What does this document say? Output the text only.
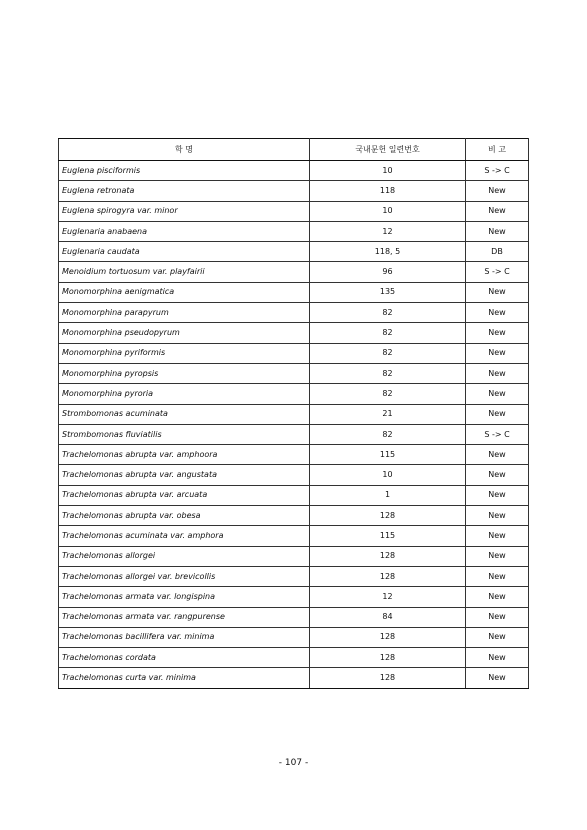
학 명	국내문헌 일련번호	비 고
Euglena pisciformis	10	S -> C
Euglena retronata	118	New
Euglena spirogyra var. minor	10	New
Euglenaria anabaena	12	New
Euglenaria caudata	118, 5	DB
Menoidium tortuosum var. playfairii	96	S -> C
Monomorphina aenigmatica	135	New
Monomorphina parapyrum	82	New
Monomorphina pseudopyrum	82	New
Monomorphina pyriformis	82	New
Monomorphina pyropsis	82	New
Monomorphina pyroria	82	New
Strombomonas acuminata	21	New
Strombomonas fluviatilis	82	S -> C
Trachelomonas abrupta var. amphoora	115	New
Trachelomonas abrupta var. angustata	10	New
Trachelomonas abrupta var. arcuata	1	New
Trachelomonas abrupta var. obesa	128	New
Trachelomonas acuminata var. amphora	115	New
Trachelomonas allorgei	128	New
Trachelomonas allorgei var. brevicollis	128	New
Trachelomonas armata var. longispina	12	New
Trachelomonas armata var. rangpurense	84	New
Trachelomonas bacillifera var. minima	128	New
Trachelomonas cordata	128	New
Trachelomonas curta var. minima	128	New
- 107 -
